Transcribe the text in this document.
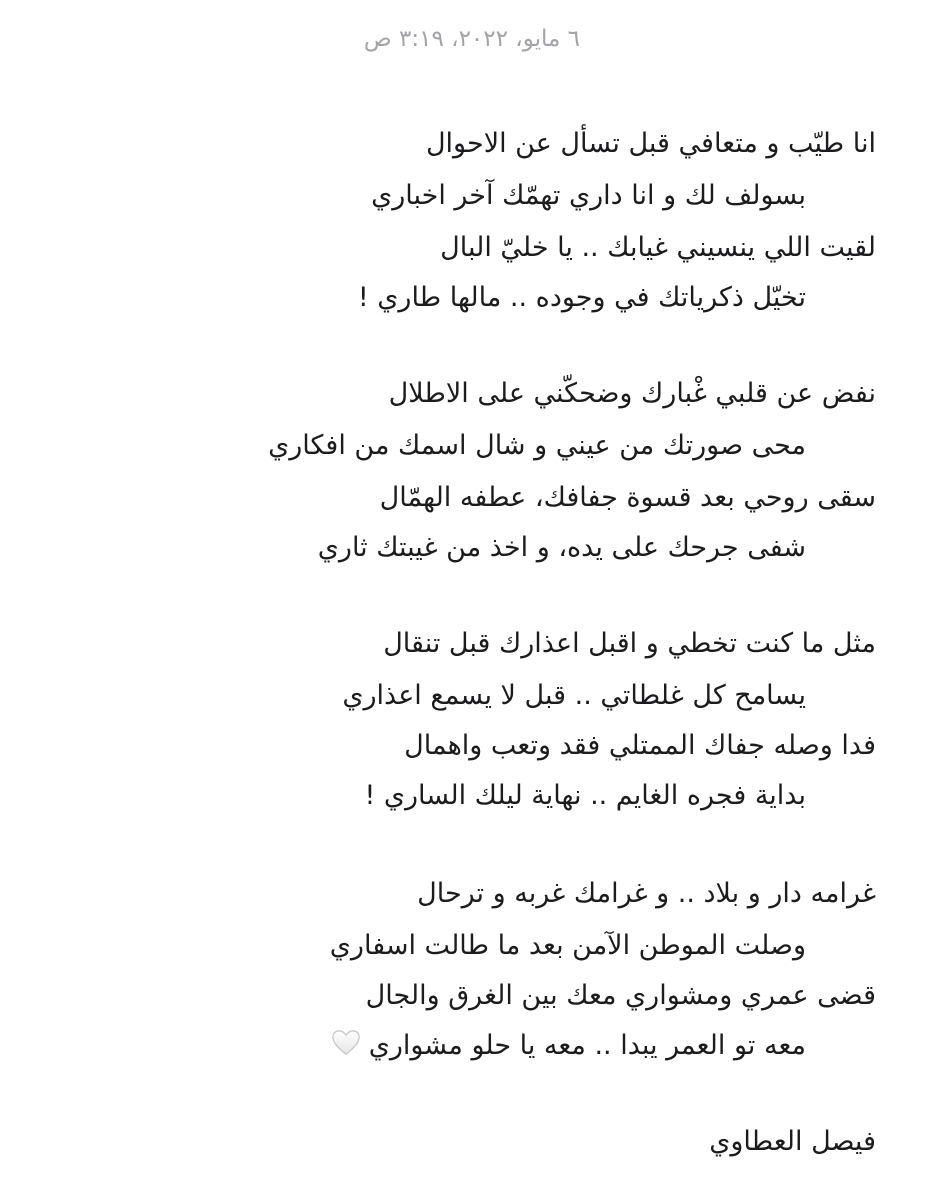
٦ مايو، ٢٠٢٢، ٣:١٩ ص
انا طيّب و متعافي قبل تسأل عن الاحوال
بسولف لك و انا داري تهمّك آخر اخباري
لقيت اللي ينسيني غيابك .. يا خليّ البال
تخيّل ذكرياتك في وجوده .. مالها طاري !
نفض عن قلبي غْبارك وضحكّني على الاطلال
محى صورتك من عيني و شال اسمك من افكاري
سقى روحي بعد قسوة جفافك، عطفه الهمّال
شفى جرحك على يده، و اخذ من غيبتك ثاري
مثل ما كنت تخطي و اقبل اعذارك قبل تنقال
يسامح كل غلطاتي .. قبل لا يسمع اعذاري
فدا وصله جفاك الممتلي فقد وتعب واهمال
بداية فجره الغايم .. نهاية ليلك الساري !
غرامه دار و بلاد .. و غرامك غربه و ترحال
وصلت الموطن الآمن بعد ما طالت اسفاري
قضى عمري ومشواري معك بين الغرق والجال
معه تو العمر يبدا .. معه يا حلو مشواري
فيصل العطاوي
